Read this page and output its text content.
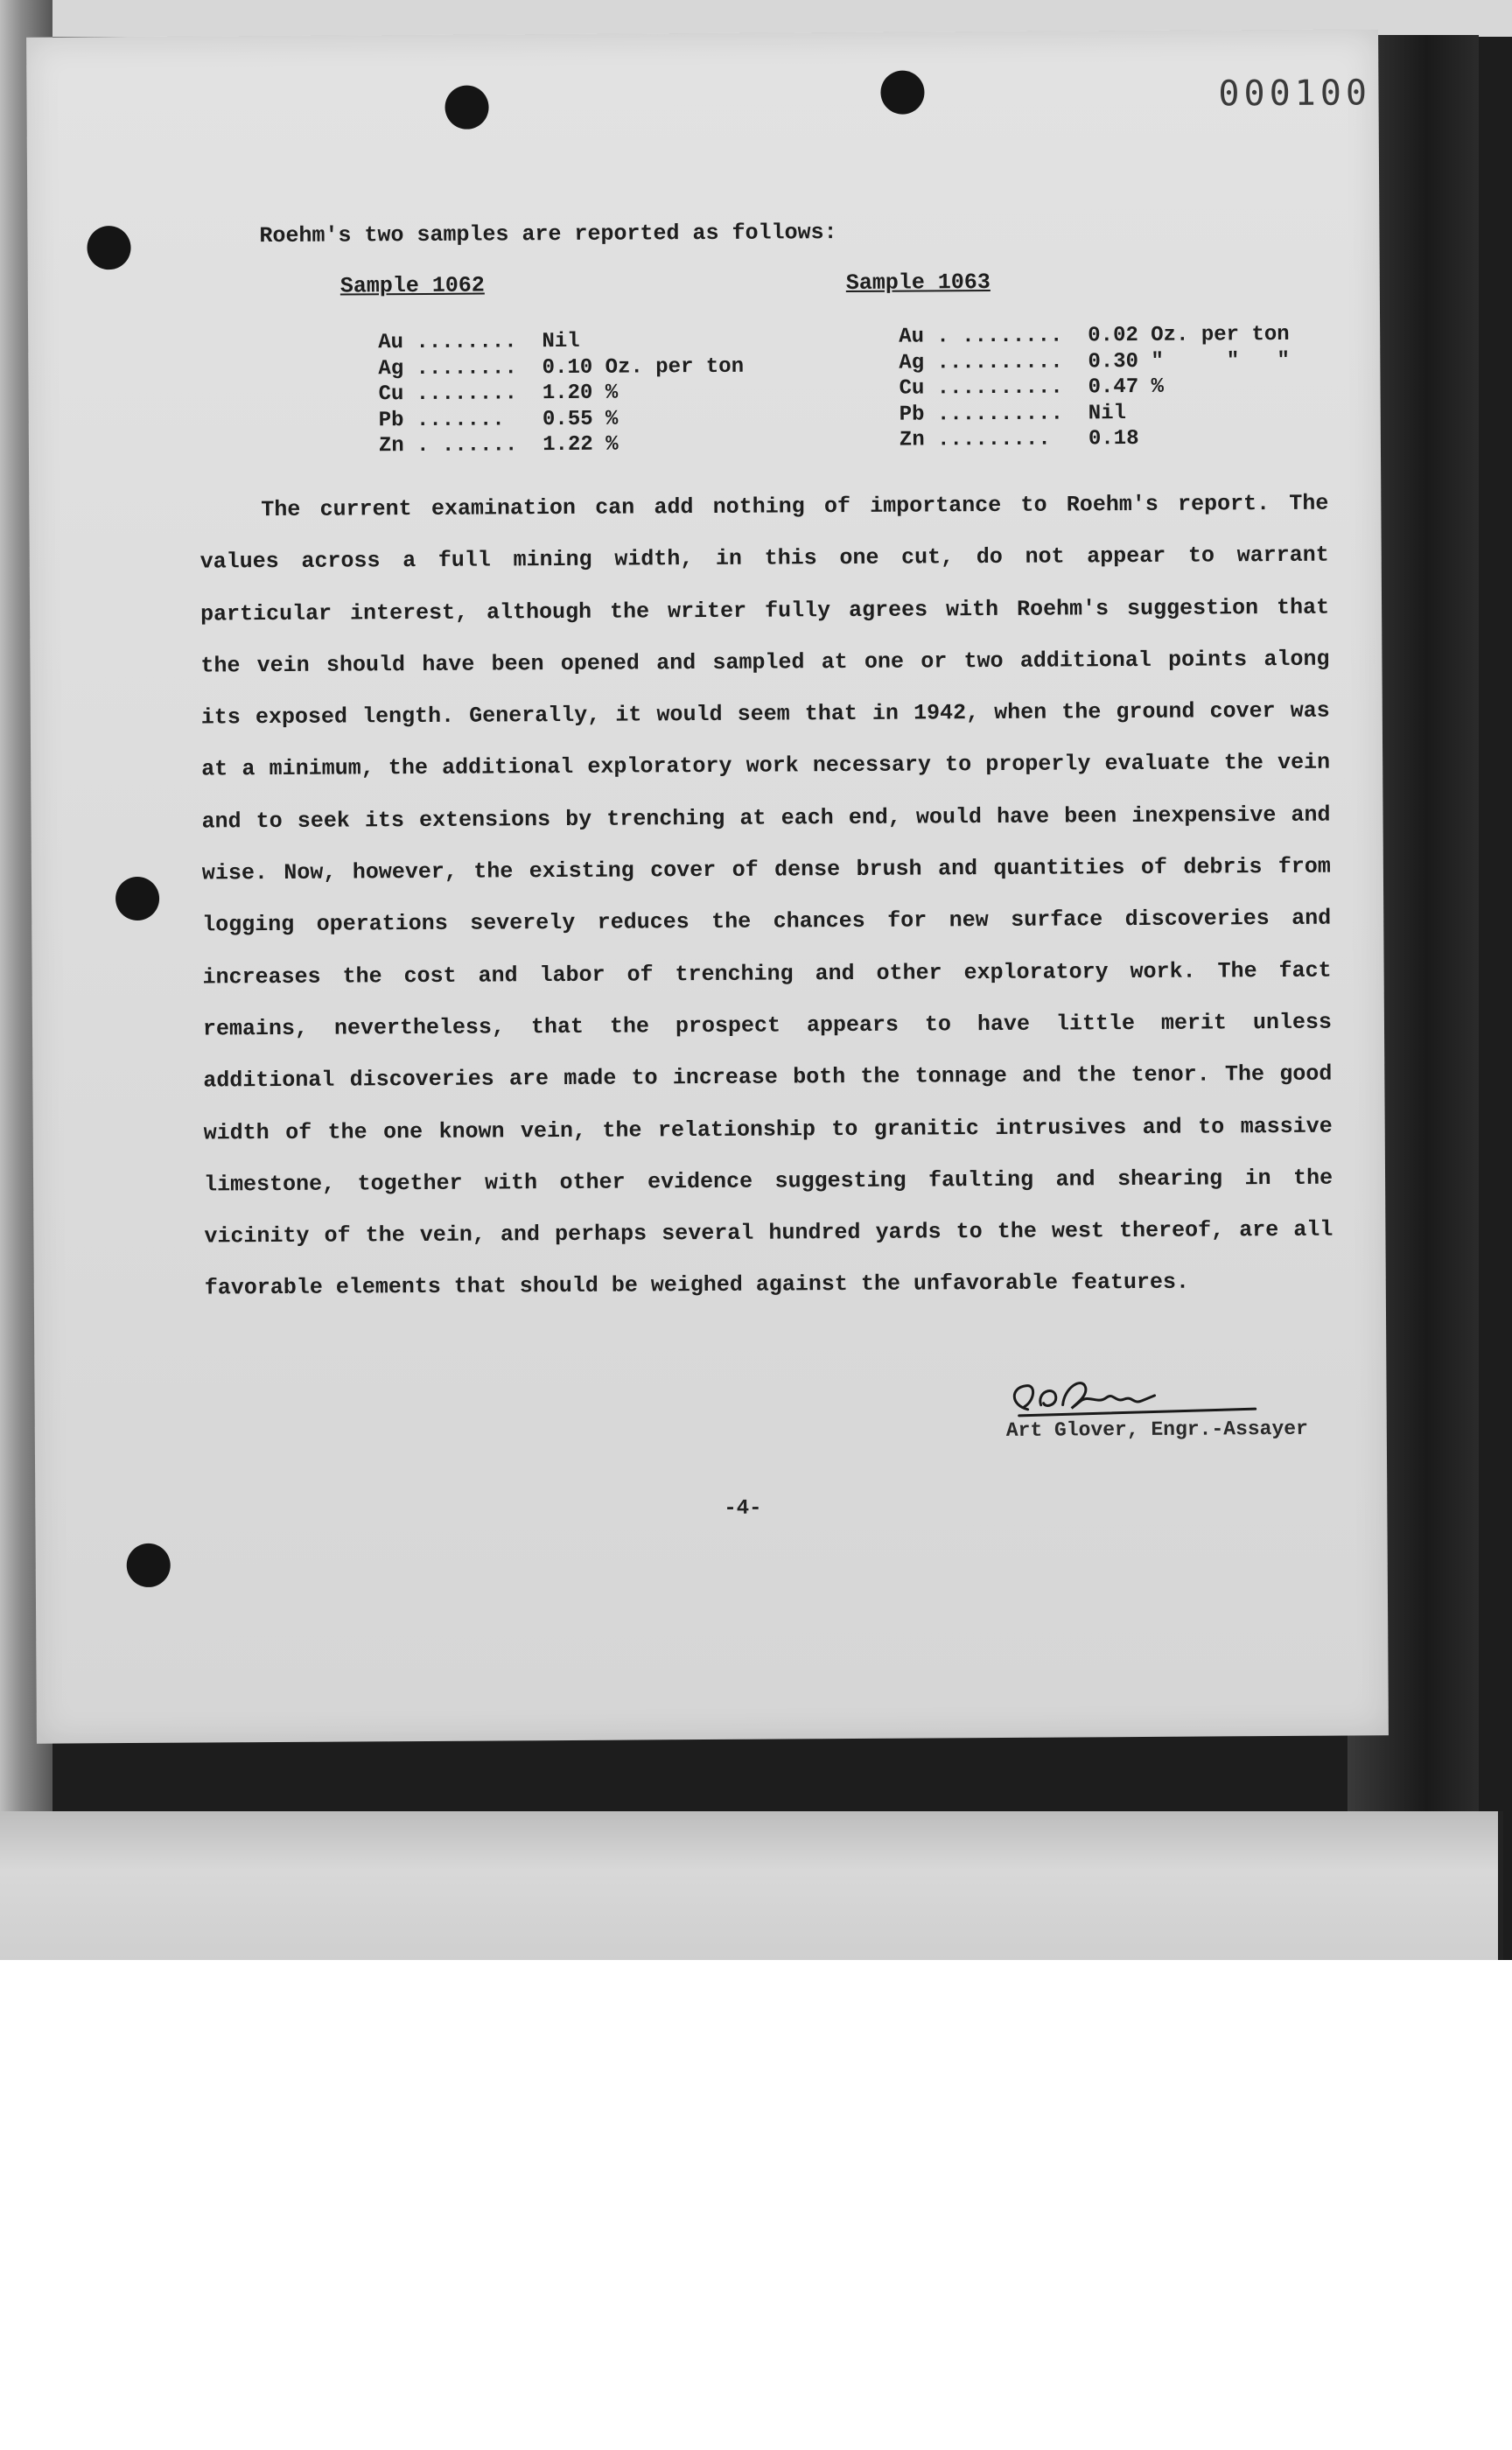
000100
Roehm's two samples are reported as follows:
Sample 1062	Sample 1063
Au ........ Nil
Ag ........ 0.10 Oz. per ton
Cu ........ 1.20 %
Pb ....... 0.55 %
Zn . ...... 1.22 %
Au . ........ 0.02 Oz. per ton
Ag .......... 0.30 "     "   "
Cu .......... 0.47 %
Pb .......... Nil
Zn ......... 0.18
The current examination can add nothing of importance to Roehm's report. The values across a full mining width, in this one cut, do not appear to warrant particular interest, although the writer fully agrees with Roehm's suggestion that the vein should have been opened and sampled at one or two additional points along its exposed length. Generally, it would seem that in 1942, when the ground cover was at a minimum, the additional exploratory work necessary to properly evaluate the vein and to seek its extensions by trenching at each end, would have been inexpensive and wise. Now, however, the existing cover of dense brush and quantities of debris from logging operations severely reduces the chances for new surface discoveries and increases the cost and labor of trenching and other exploratory work. The fact remains, nevertheless, that the prospect appears to have little merit unless additional discoveries are made to increase both the tonnage and the tenor. The good width of the one known vein, the relationship to granitic intrusives and to massive limestone, together with other evidence suggesting faulting and shearing in the vicinity of the vein, and perhaps several hundred yards to the west thereof, are all favorable elements that should be weighed against the unfavorable features.
Art Glover, Engr.-Assayer
-4-
